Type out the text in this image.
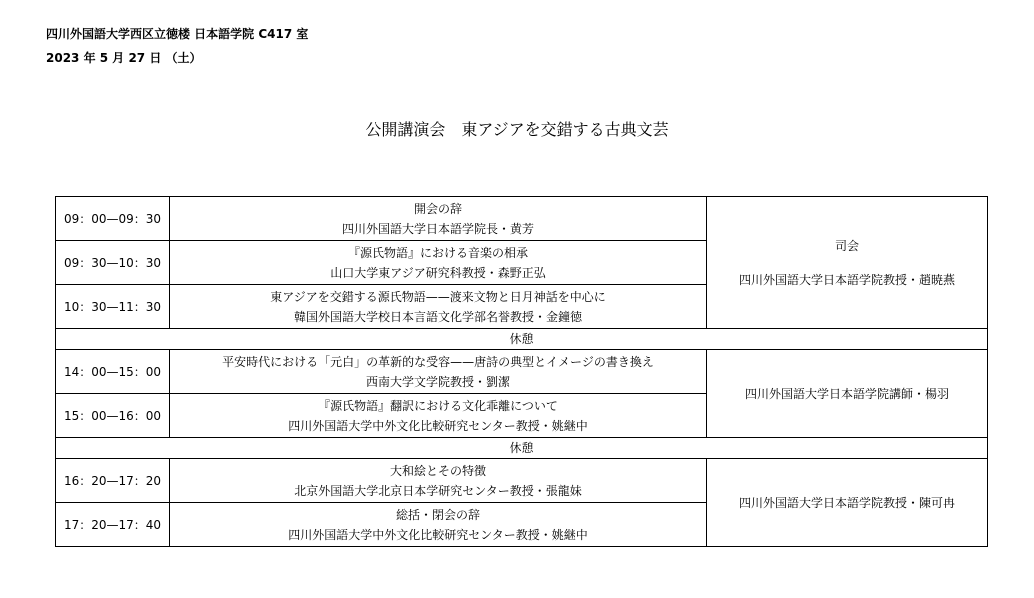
四川外国語大学西区立徳楼 日本語学院 C417 室
2023 年 5 月 27 日 （土）
公開講演会　東アジアを交錯する古典文芸
09：00—09：30	開会の辞
四川外国語大学日本語学院長・黄芳	司会
四川外国語大学日本語学院教授・趙暁燕

09：30—10：30	『源氏物語』における音楽の相承
山口大学東アジア研究科教授・森野正弘	

10：30—11：30	東アジアを交錯する源氏物語——渡来文物と日月神話を中心に
韓国外国語大学校日本言語文化学部名誉教授・金鐘徳	

休憩		
14：00—15：00	平安時代における「元白」の革新的な受容——唐詩の典型とイメージの書き換え
西南大学文学院教授・劉潔	四川外国語大学日本語学院講師・楊羽

15：00—16：00	『源氏物語』翻訳における文化乖離について
四川外国語大学中外文化比較研究センター教授・姚継中	

休憩		
16：20—17：20	大和絵とその特徴
北京外国語大学北京日本学研究センター教授・張龍妹	四川外国語大学日本語学院教授・陳可冉

17：20—17：40	総括・閉会の辞
四川外国語大学中外文化比較研究センター教授・姚継中	
